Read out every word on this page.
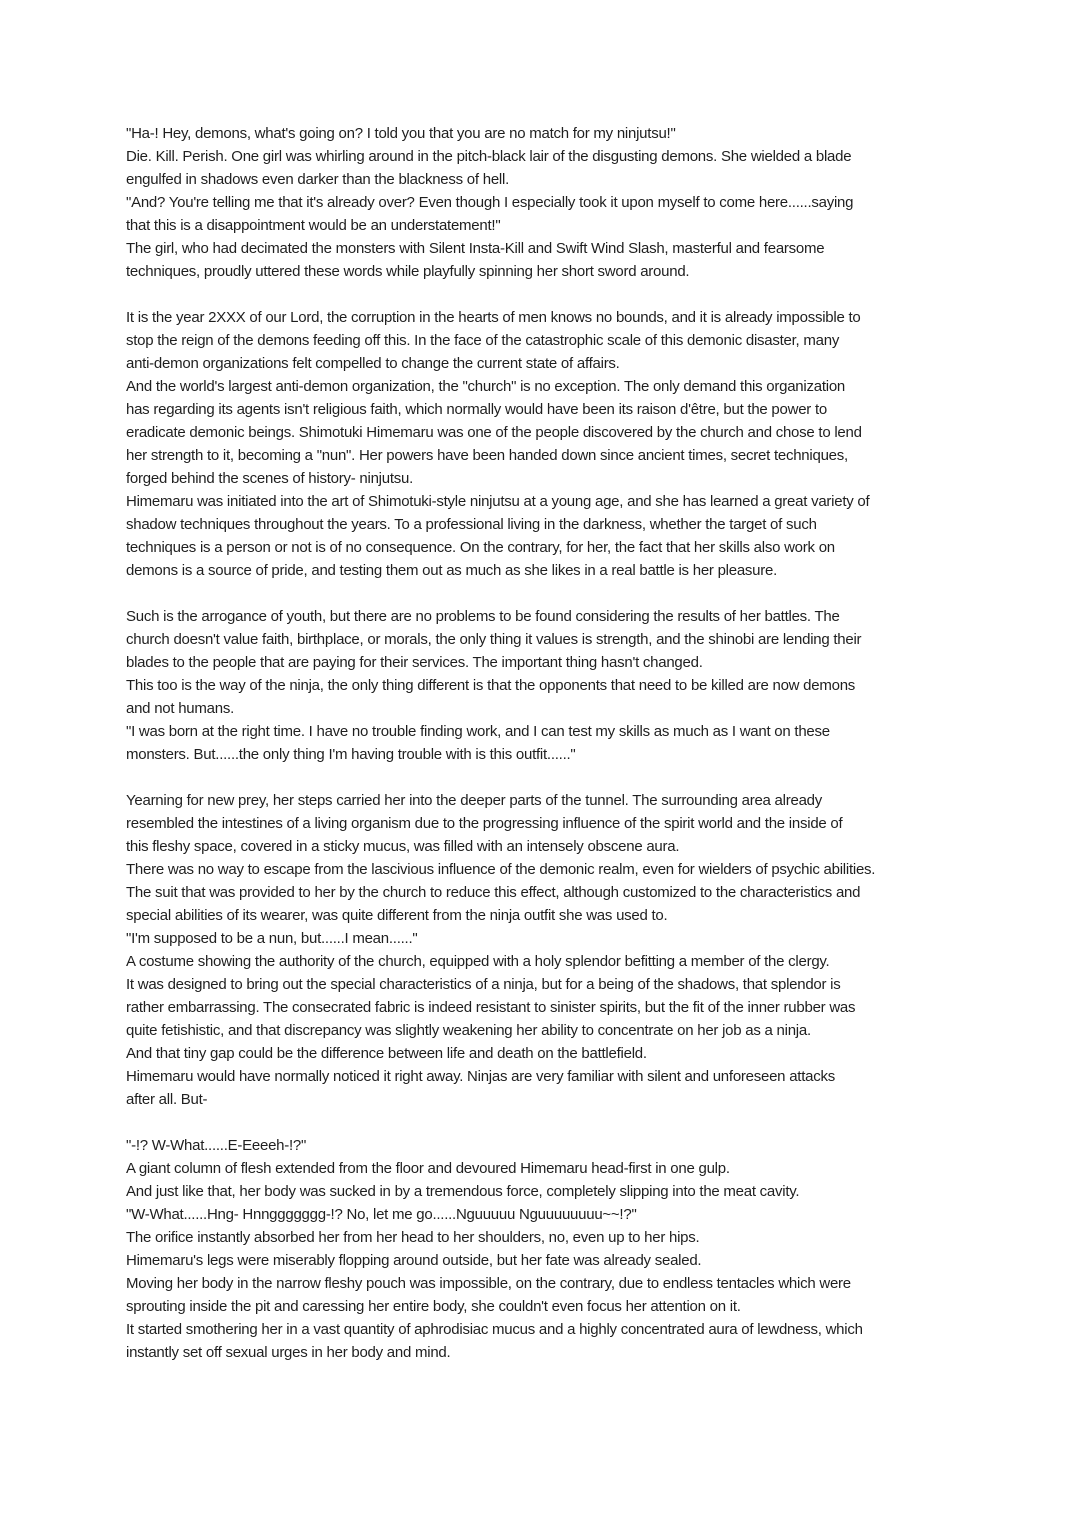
"Ha-! Hey, demons, what's going on? I told you that you are no match for my ninjutsu!"
Die. Kill. Perish. One girl was whirling around in the pitch-black lair of the disgusting demons. She wielded a blade
engulfed in shadows even darker than the blackness of hell.
"And? You're telling me that it's already over? Even though I especially took it upon myself to come here......saying
that this is a disappointment would be an understatement!"
The girl, who had decimated the monsters with Silent Insta-Kill and Swift Wind Slash, masterful and fearsome
techniques, proudly uttered these words while playfully spinning her short sword around.
It is the year 2XXX of our Lord, the corruption in the hearts of men knows no bounds, and it is already impossible to
stop the reign of the demons feeding off this. In the face of the catastrophic scale of this demonic disaster, many
anti-demon organizations felt compelled to change the current state of affairs.
And the world's largest anti-demon organization, the "church" is no exception. The only demand this organization
has regarding its agents isn't religious faith, which normally would have been its raison d'être, but the power to
eradicate demonic beings. Shimotuki Himemaru was one of the people discovered by the church and chose to lend
her strength to it, becoming a "nun". Her powers have been handed down since ancient times, secret techniques,
forged behind the scenes of history- ninjutsu.
Himemaru was initiated into the art of Shimotuki-style ninjutsu at a young age, and she has learned a great variety of
shadow techniques throughout the years. To a professional living in the darkness, whether the target of such
techniques is a person or not is of no consequence. On the contrary, for her, the fact that her skills also work on
demons is a source of pride, and testing them out as much as she likes in a real battle is her pleasure.
Such is the arrogance of youth, but there are no problems to be found considering the results of her battles. The
church doesn't value faith, birthplace, or morals, the only thing it values is strength, and the shinobi are lending their
blades to the people that are paying for their services. The important thing hasn't changed.
This too is the way of the ninja, the only thing different is that the opponents that need to be killed are now demons
and not humans.
"I was born at the right time. I have no trouble finding work, and I can test my skills as much as I want on these
monsters. But......the only thing I'm having trouble with is this outfit......"
Yearning for new prey, her steps carried her into the deeper parts of the tunnel. The surrounding area already
resembled the intestines of a living organism due to the progressing influence of the spirit world and the inside of
this fleshy space, covered in a sticky mucus, was filled with an intensely obscene aura.
There was no way to escape from the lascivious influence of the demonic realm, even for wielders of psychic abilities.
The suit that was provided to her by the church to reduce this effect, although customized to the characteristics and
special abilities of its wearer, was quite different from the ninja outfit she was used to.
"I'm supposed to be a nun, but......I mean......"
A costume showing the authority of the church, equipped with a holy splendor befitting a member of the clergy.
It was designed to bring out the special characteristics of a ninja, but for a being of the shadows, that splendor is
rather embarrassing. The consecrated fabric is indeed resistant to sinister spirits, but the fit of the inner rubber was
quite fetishistic, and that discrepancy was slightly weakening her ability to concentrate on her job as a ninja.
And that tiny gap could be the difference between life and death on the battlefield.
Himemaru would have normally noticed it right away. Ninjas are very familiar with silent and unforeseen attacks
after all. But-
"-!? W-What......E-Eeeeh-!?"
A giant column of flesh extended from the floor and devoured Himemaru head-first in one gulp.
And just like that, her body was sucked in by a tremendous force, completely slipping into the meat cavity.
"W-What......Hng- Hnnggggggg-!? No, let me go......Nguuuuu Nguuuuuuuu~~!?"
The orifice instantly absorbed her from her head to her shoulders, no, even up to her hips.
Himemaru's legs were miserably flopping around outside, but her fate was already sealed.
Moving her body in the narrow fleshy pouch was impossible, on the contrary, due to endless tentacles which were
sprouting inside the pit and caressing her entire body, she couldn't even focus her attention on it.
It started smothering her in a vast quantity of aphrodisiac mucus and a highly concentrated aura of lewdness, which
instantly set off sexual urges in her body and mind.
